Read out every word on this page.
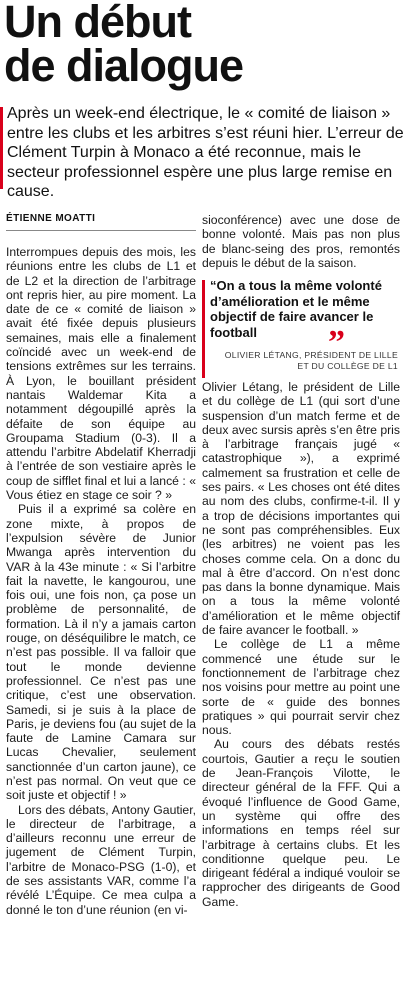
Un début
de dialogue
Après un week-end électrique, le « comité de liaison » entre les clubs et les arbitres s’est réuni hier. L’erreur de Clément Turpin à Monaco a été reconnue, mais le secteur professionnel espère une plus large remise en cause.
ÉTIENNE MOATTI

Interrompues depuis des mois, les réunions entre les clubs de L1 et de L2 et la direction de l’arbitrage ont repris hier, au pire moment. La date de ce « comité de liaison » avait été fixée depuis plusieurs semaines, mais elle a finalement coïncidé avec un week-end de tensions extrêmes sur les terrains. À Lyon, le bouillant président nantais Waldemar Kita a notamment dégoupillé après la défaite de son équipe au Groupama Stadium (0-3). Il a attendu l’arbitre Abdelatif Kherradji à l’entrée de son vestiaire après le coup de sifflet final et lui a lancé : « Vous étiez en stage ce soir ? »

Puis il a exprimé sa colère en zone mixte, à propos de l’expulsion sévère de Junior Mwanga après intervention du VAR à la 43e minute : « Si l’arbitre fait la navette, le kangourou, une fois oui, une fois non, ça pose un problème de personnalité, de formation. Là il n’y a jamais carton rouge, on déséquilibre le match, ce n’est pas possible. Il va falloir que tout le monde devienne professionnel. Ce n’est pas une critique, c’est une observation. Samedi, si je suis à la place de Paris, je deviens fou (au sujet de la faute de Lamine Camara sur Lucas Chevalier, seulement sanctionnée d’un carton jaune), ce n’est pas normal. On veut que ce soit juste et objectif ! »

Lors des débats, Antony Gautier, le directeur de l’arbitrage, a d’ailleurs reconnu une erreur de jugement de Clément Turpin, l’arbitre de Monaco-PSG (1-0), et de ses assistants VAR, comme l’a révélé L’Équipe. Ce mea culpa a donné le ton d’une réunion (en vi-

sioconférence) avec une dose de bonne volonté. Mais pas non plus de blanc-seing des pros, remontés depuis le début de la saison.

“On a tous la même volonté d’amélioration et le même objectif de faire avancer le football	”
OLIVIER LÉTANG, PRÉSIDENT DE LILLE
ET DU COLLÈGE DE L1

Olivier Létang, le président de Lille et du collège de L1 (qui sort d’une suspension d’un match ferme et de deux avec sursis après s’en être pris à l’arbitrage français jugé « catastrophique »), a exprimé calmement sa frustration et celle de ses pairs. « Les choses ont été dites au nom des clubs, confirme-t-il. Il y a trop de décisions importantes qui ne sont pas compréhensibles. Eux (les arbitres) ne voient pas les choses comme cela. On a donc du mal à être d’accord. On n’est donc pas dans la bonne dynamique. Mais on a tous la même volonté d’amélioration et le même objectif de faire avancer le football. »

Le collège de L1 a même commencé une étude sur le fonctionnement de l’arbitrage chez nos voisins pour mettre au point une sorte de « guide des bonnes pratiques » qui pourrait servir chez nous.

Au cours des débats restés courtois, Gautier a reçu le soutien de Jean-François Vilotte, le directeur général de la FFF. Qui a évoqué l’influence de Good Game, un système qui offre des informations en temps réel sur l’arbitrage à certains clubs. Et les conditionne quelque peu. Le dirigeant fédéral a indiqué vouloir se rapprocher des dirigeants de Good Game.
